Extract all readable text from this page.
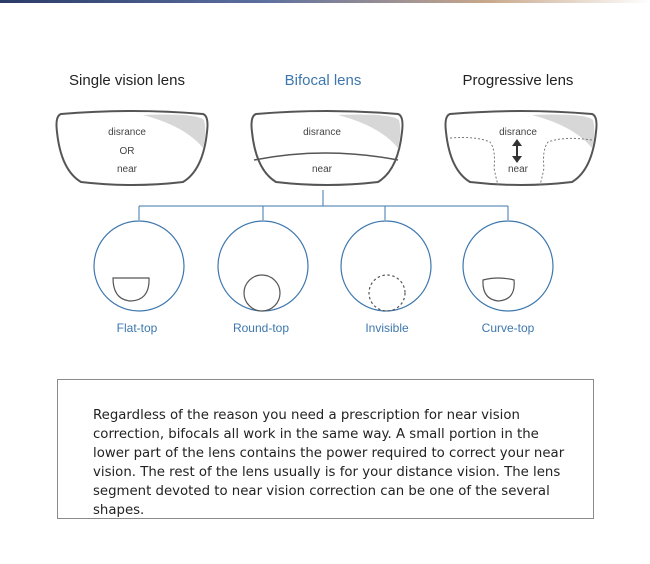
Single vision lens	Bifocal lens	Progressive lens
disrance
OR
near
disrance
near
disrance
near
Flat-top	Round-top	Invisible	Curve-top

Regardless of the reason you need a prescription for near vision correction, bifocals all work in the same way. A small portion in the lower part of the lens contains the power required to correct your near vision. The rest of the lens usually is for your distance vision. The lens segment devoted to near vision correction can be one of the several shapes.
